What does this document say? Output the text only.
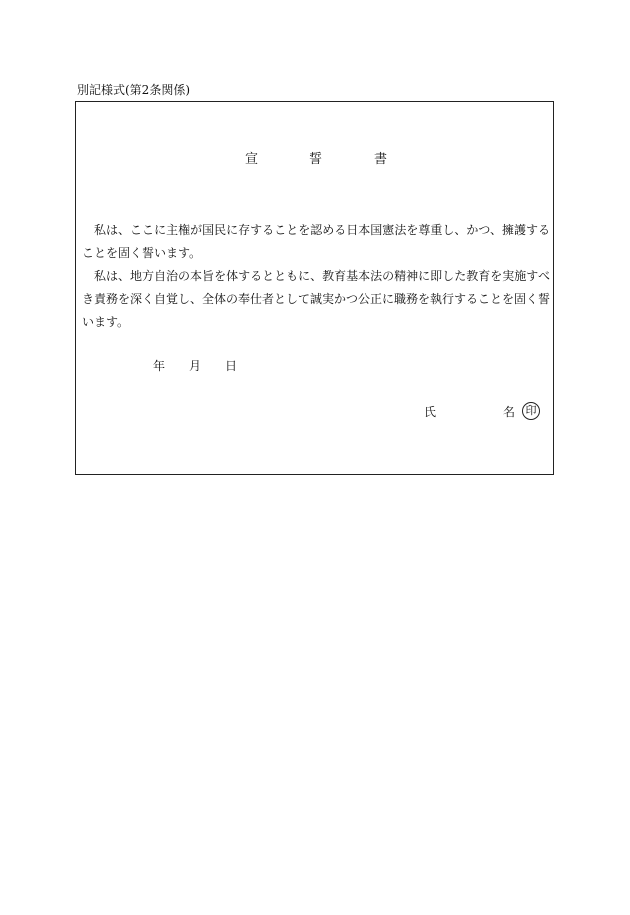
別記様式(第2条関係)
宣	誓	書

私は、ここに主権が国民に存することを認める日本国憲法を尊重し、かつ、擁護することを固く誓います。

私は、地方自治の本旨を体するとともに、教育基本法の精神に即した教育を実施すべき責務を深く自覚し、全体の奉仕者として誠実かつ公正に職務を執行することを固く誓います。

年 月 日
氏	名 印
